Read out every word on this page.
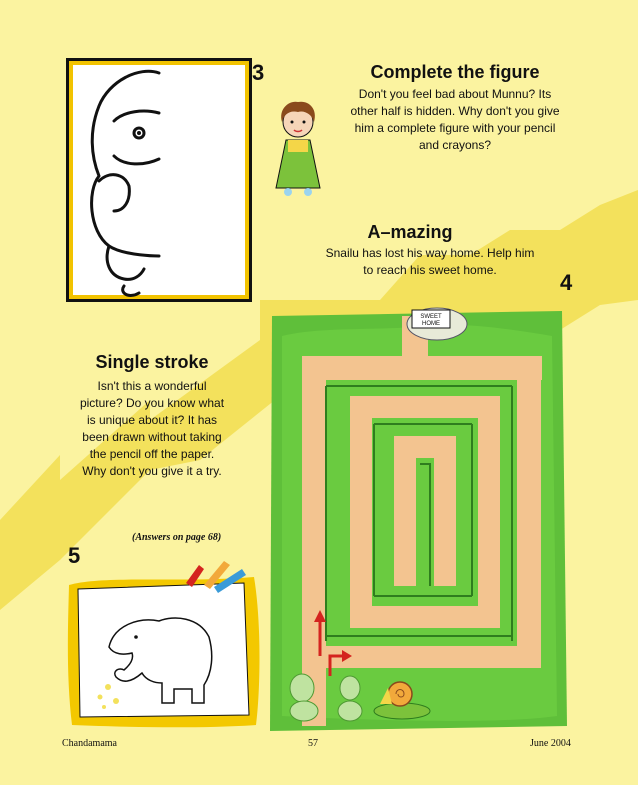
3	Complete the figure
Don't you feel bad about Munnu? Its
other half is hidden. Why don't you give
him a complete figure with your pencil
and crayons?
A–mazing
Snailu has lost his way home. Help him
to reach his sweet home.	4
SWEET
HOME
Single stroke
Isn't this a wonderful
picture? Do you know what
is unique about it? It has
been drawn without taking
the pencil off the paper.
Why don't you give it a try.
(Answers on page 68)
5
Chandamama	57	June 2004
